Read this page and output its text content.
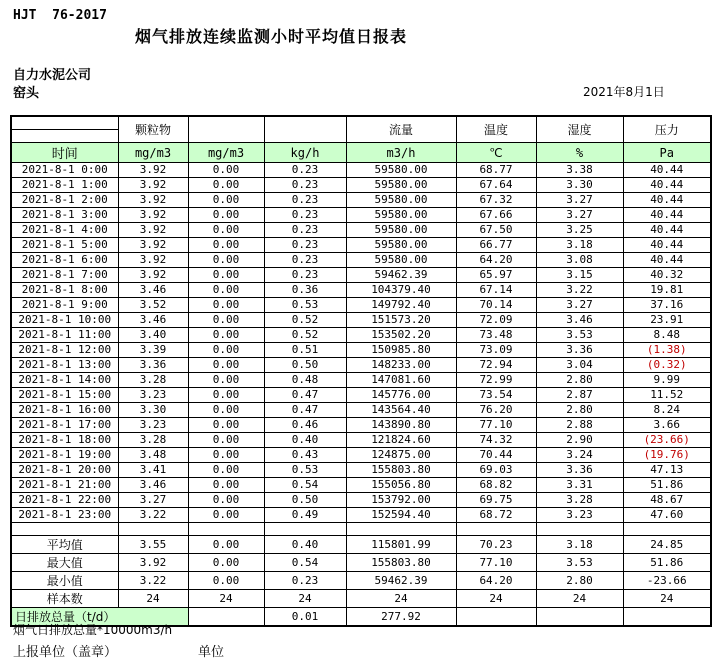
HJT  76-2017
烟气排放连续监测小时平均值日报表
自力水泥公司
窑头	2021年8月1日
	颗粒物			流量	温度	湿度	压力

时间	mg/m3	mg/m3	kg/h	m3/h	℃	%	Pa
2021-8-1 0:00	3.92	0.00	0.23	59580.00	68.77	3.38	40.44
2021-8-1 1:00	3.92	0.00	0.23	59580.00	67.64	3.30	40.44
2021-8-1 2:00	3.92	0.00	0.23	59580.00	67.32	3.27	40.44
2021-8-1 3:00	3.92	0.00	0.23	59580.00	67.66	3.27	40.44
2021-8-1 4:00	3.92	0.00	0.23	59580.00	67.50	3.25	40.44
2021-8-1 5:00	3.92	0.00	0.23	59580.00	66.77	3.18	40.44
2021-8-1 6:00	3.92	0.00	0.23	59580.00	64.20	3.08	40.44
2021-8-1 7:00	3.92	0.00	0.23	59462.39	65.97	3.15	40.32
2021-8-1 8:00	3.46	0.00	0.36	104379.40	67.14	3.22	19.81
2021-8-1 9:00	3.52	0.00	0.53	149792.40	70.14	3.27	37.16
2021-8-1 10:00	3.46	0.00	0.52	151573.20	72.09	3.46	23.91
2021-8-1 11:00	3.40	0.00	0.52	153502.20	73.48	3.53	8.48
2021-8-1 12:00	3.39	0.00	0.51	150985.80	73.09	3.36	(1.38)
2021-8-1 13:00	3.36	0.00	0.50	148233.00	72.94	3.04	(0.32)
2021-8-1 14:00	3.28	0.00	0.48	147081.60	72.99	2.80	9.99
2021-8-1 15:00	3.23	0.00	0.47	145776.00	73.54	2.87	11.52
2021-8-1 16:00	3.30	0.00	0.47	143564.40	76.20	2.80	8.24
2021-8-1 17:00	3.23	0.00	0.46	143890.80	77.10	2.88	3.66
2021-8-1 18:00	3.28	0.00	0.40	121824.60	74.32	2.90	(23.66)
2021-8-1 19:00	3.48	0.00	0.43	124875.00	70.44	3.24	(19.76)
2021-8-1 20:00	3.41	0.00	0.53	155803.80	69.03	3.36	47.13
2021-8-1 21:00	3.46	0.00	0.54	155056.80	68.82	3.31	51.86
2021-8-1 22:00	3.27	0.00	0.50	153792.00	69.75	3.28	48.67
2021-8-1 23:00	3.22	0.00	0.49	152594.40	68.72	3.23	47.60

平均值	3.55	0.00	0.40	115801.99	70.23	3.18	24.85
最大值	3.92	0.00	0.54	155803.80	77.10	3.53	51.86
最小值	3.22	0.00	0.23	59462.39	64.20	2.80	-23.66
样本数	24	24	24	24	24	24	24
日排放总量（t/d）			0.01	277.92			
烟气日排放总量*10000m3/h
上报单位（盖章）	单位
